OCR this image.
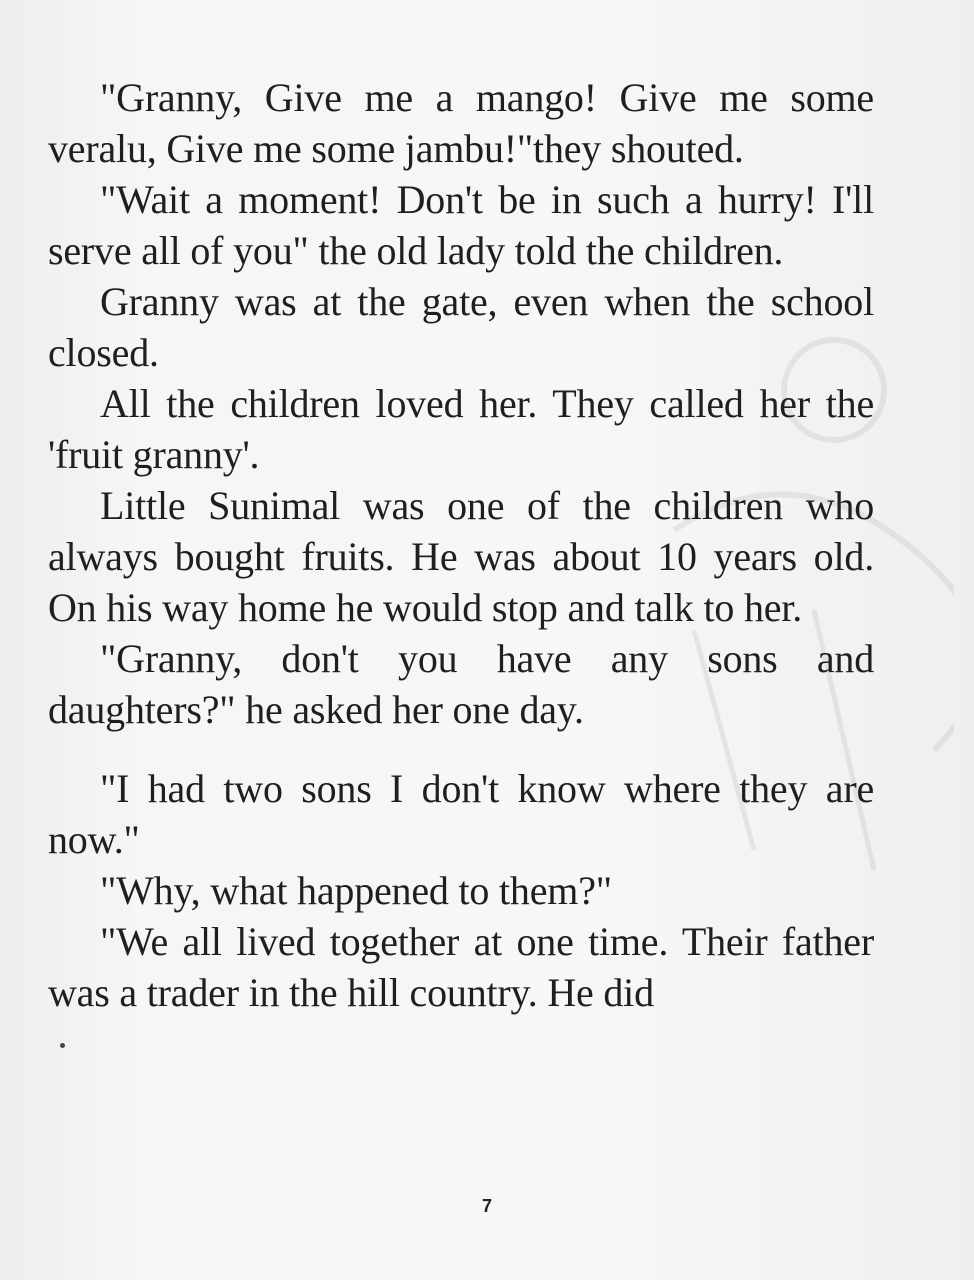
"Granny, Give me a mango! Give me some veralu, Give me some jambu!"they shouted.

"Wait a moment! Don't be in such a hurry! I'll serve all of you" the old lady told the children.

Granny was at the gate, even when the school closed.

All the children loved her. They called her the 'fruit granny'.

Little Sunimal was one of the children who always bought fruits. He was about 10 years old. On his way home he would stop and talk to her.

"Granny, don't you have any sons and daughters?" he asked her one day.

"I had two sons I don't know where they are now."

"Why, what happened to them?"

"We all lived together at one time. Their father was a trader in the hill country. He did

7
